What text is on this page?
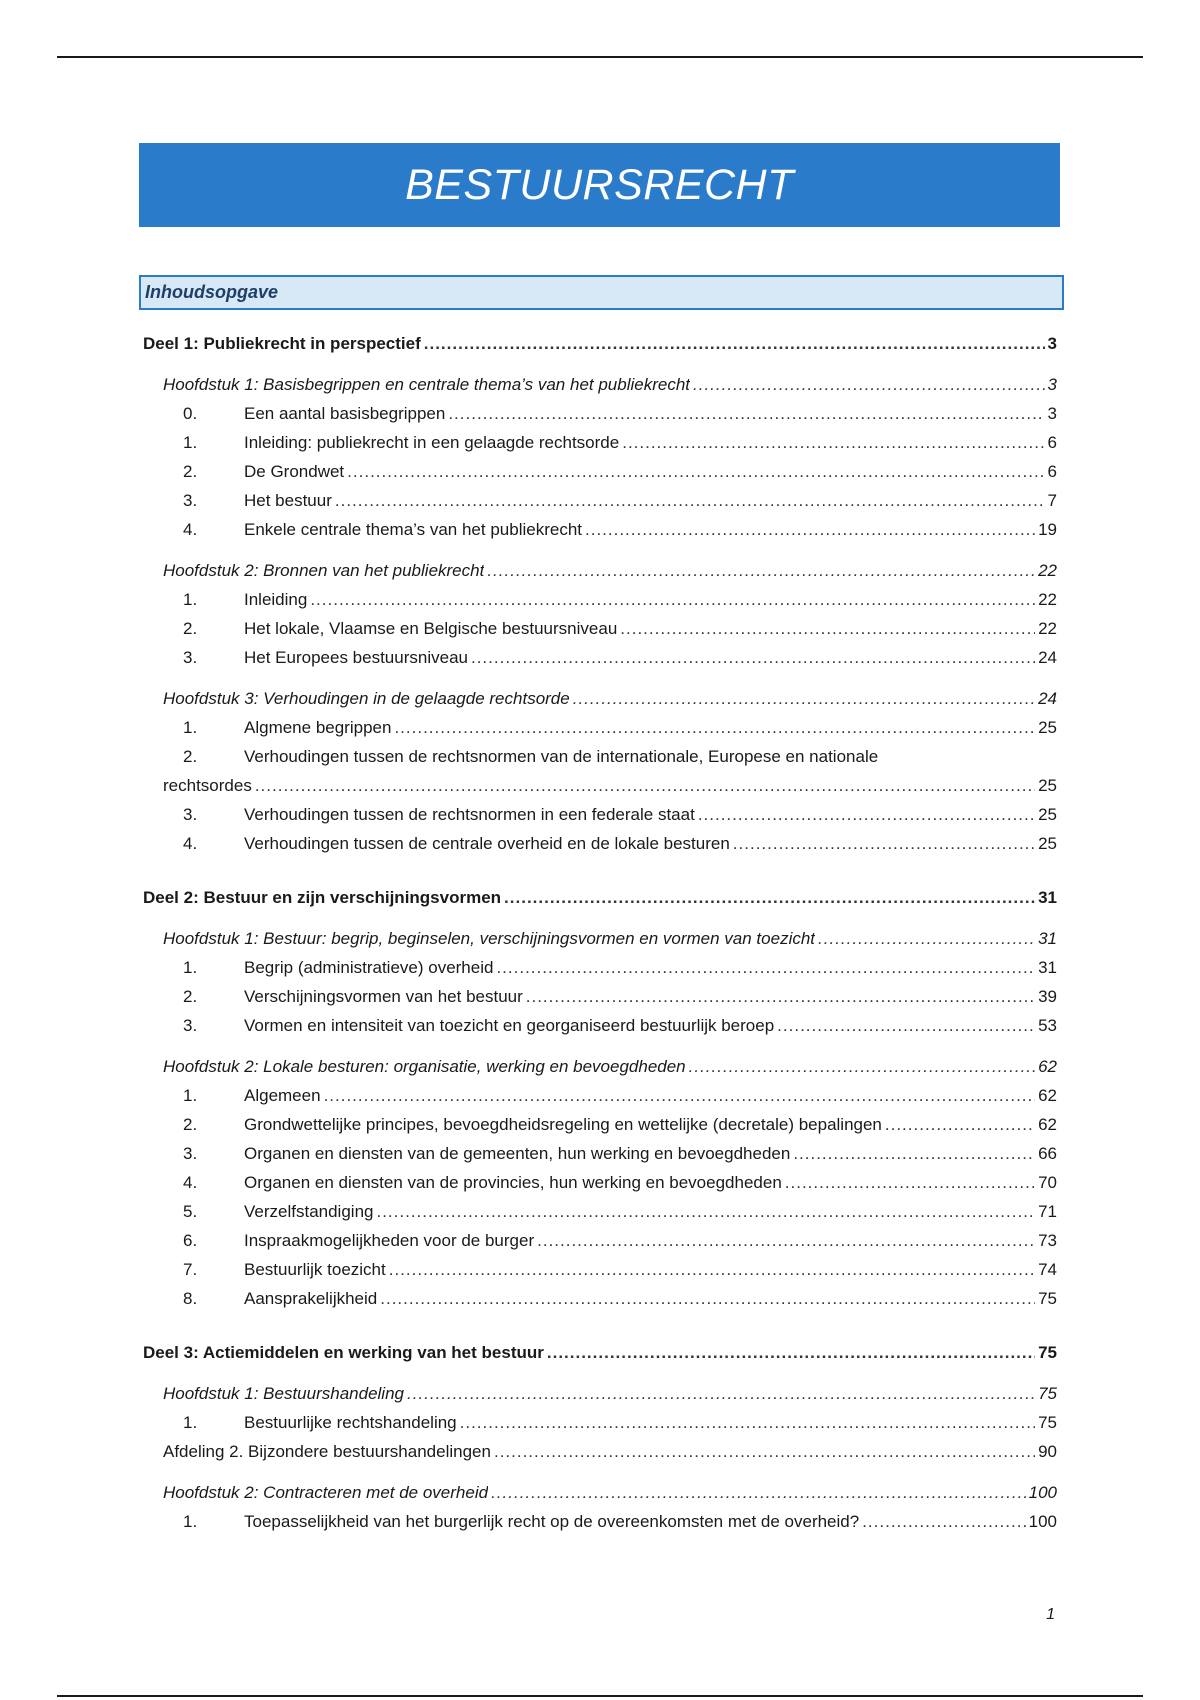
BESTUURSRECHT
Inhoudsopgave
Deel 1: Publiekrecht in perspectief .....	3
Hoofdstuk 1: Basisbegrippen en centrale thema’s van het publiekrecht .....	3
0.	Een aantal basisbegrippen .....	3
1.	Inleiding: publiekrecht in een gelaagde rechtsorde .....	6
2.	De Grondwet .....	6
3.	Het bestuur .....	7
4.	Enkele centrale thema’s van het publiekrecht .....	19
Hoofdstuk 2: Bronnen van het publiekrecht .....	22
1.	Inleiding .....	22
2.	Het lokale, Vlaamse en Belgische bestuursniveau .....	22
3.	Het Europees bestuursniveau .....	24
Hoofdstuk 3: Verhoudingen in de gelaagde rechtsorde .....	24
1.	Algmene begrippen .....	25
2.	Verhoudingen tussen de rechtsnormen van de internationale, Europese en nationale
rechtsordes .....	25
3.	Verhoudingen tussen de rechtsnormen in een federale staat .....	25
4.	Verhoudingen tussen de centrale overheid en de lokale besturen .....	25
Deel 2: Bestuur en zijn verschijningsvormen .....	31
Hoofdstuk 1: Bestuur: begrip, beginselen, verschijningsvormen en vormen van toezicht .....	31
1.	Begrip (administratieve) overheid .....	31
2.	Verschijningsvormen van het bestuur .....	39
3.	Vormen en intensiteit van toezicht en georganiseerd bestuurlijk beroep .....	53
Hoofdstuk 2: Lokale besturen: organisatie, werking en bevoegdheden .....	62
1.	Algemeen .....	62
2.	Grondwettelijke principes, bevoegdheidsregeling en wettelijke (decretale) bepalingen .....	62
3.	Organen en diensten van de gemeenten, hun werking en bevoegdheden .....	66
4.	Organen en diensten van de provincies, hun werking en bevoegdheden .....	70
5.	Verzelfstandiging .....	71
6.	Inspraakmogelijkheden voor de burger .....	73
7.	Bestuurlijk toezicht .....	74
8.	Aansprakelijkheid .....	75
Deel 3: Actiemiddelen en werking van het bestuur .....	75
Hoofdstuk 1: Bestuurshandeling .....	75
1.	Bestuurlijke rechtshandeling .....	75
Afdeling 2. Bijzondere bestuurshandelingen .....	90
Hoofdstuk 2: Contracteren met de overheid .....	100
1.	Toepasselijkheid van het burgerlijk recht op de overeenkomsten met de overheid? .....	100
1
